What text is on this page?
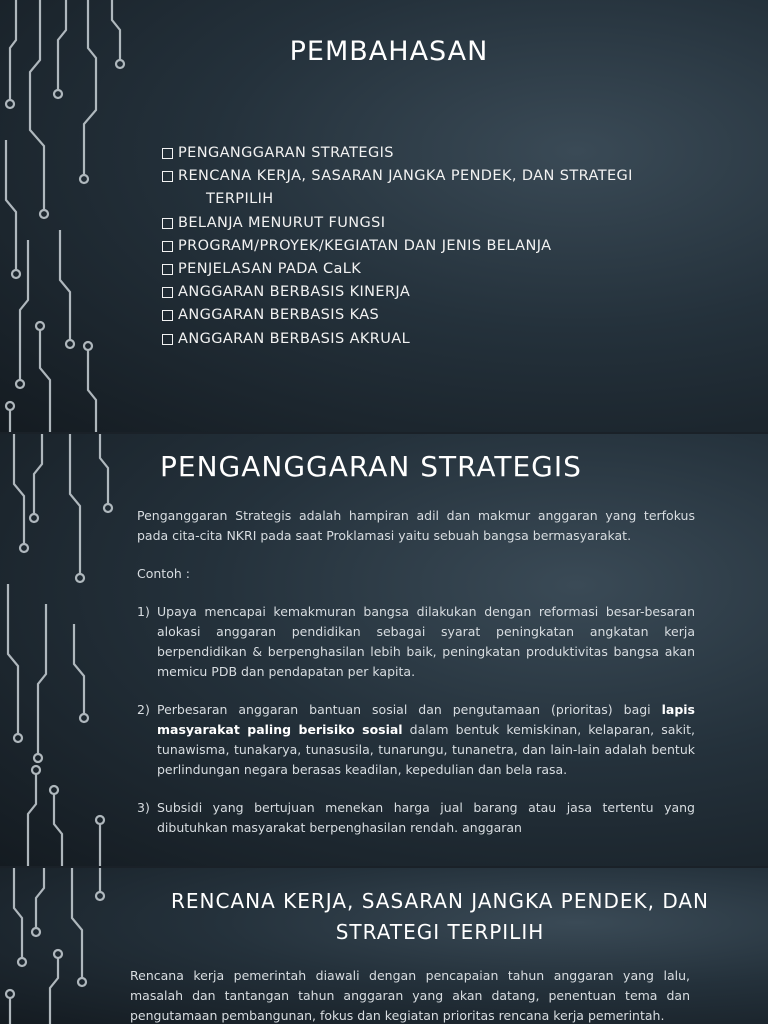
PEMBAHASAN
PENGANGGARAN STRATEGIS
RENCANA KERJA, SASARAN JANGKA PENDEK, DAN STRATEGI
TERPILIH
BELANJA MENURUT FUNGSI
PROGRAM/PROYEK/KEGIATAN DAN JENIS BELANJA
PENJELASAN PADA CaLK
ANGGARAN BERBASIS KINERJA
ANGGARAN BERBASIS KAS
ANGGARAN BERBASIS AKRUAL
PENGANGGARAN STRATEGIS

Penganggaran Strategis adalah hampiran adil dan makmur anggaran yang terfokus pada cita-cita NKRI pada saat Proklamasi yaitu sebuah bangsa bermasyarakat.

Contoh :

1) Upaya mencapai kemakmuran bangsa dilakukan dengan reformasi besar-besaran alokasi anggaran pendidikan sebagai syarat peningkatan angkatan kerja berpendidikan & berpenghasilan lebih baik, peningkatan produktivitas bangsa akan memicu PDB dan pendapatan per kapita.
2) Perbesaran anggaran bantuan sosial dan pengutamaan (prioritas) bagi lapis masyarakat paling berisiko sosial dalam bentuk kemiskinan, kelaparan, sakit, tunawisma, tunakarya, tunasusila, tunarungu, tunanetra, dan lain-lain adalah bentuk perlindungan negara berasas keadilan, kepedulian dan bela rasa.
3) Subsidi yang bertujuan menekan harga jual barang atau jasa tertentu yang dibutuhkan masyarakat berpenghasilan rendah. anggaran
RENCANA KERJA, SASARAN JANGKA PENDEK, DAN STRATEGI TERPILIH

Rencana kerja pemerintah diawali dengan pencapaian tahun anggaran yang lalu, masalah dan tantangan tahun anggaran yang akan datang, penentuan tema dan pengutamaan pembangunan, fokus dan kegiatan prioritas rencana kerja pemerintah.
